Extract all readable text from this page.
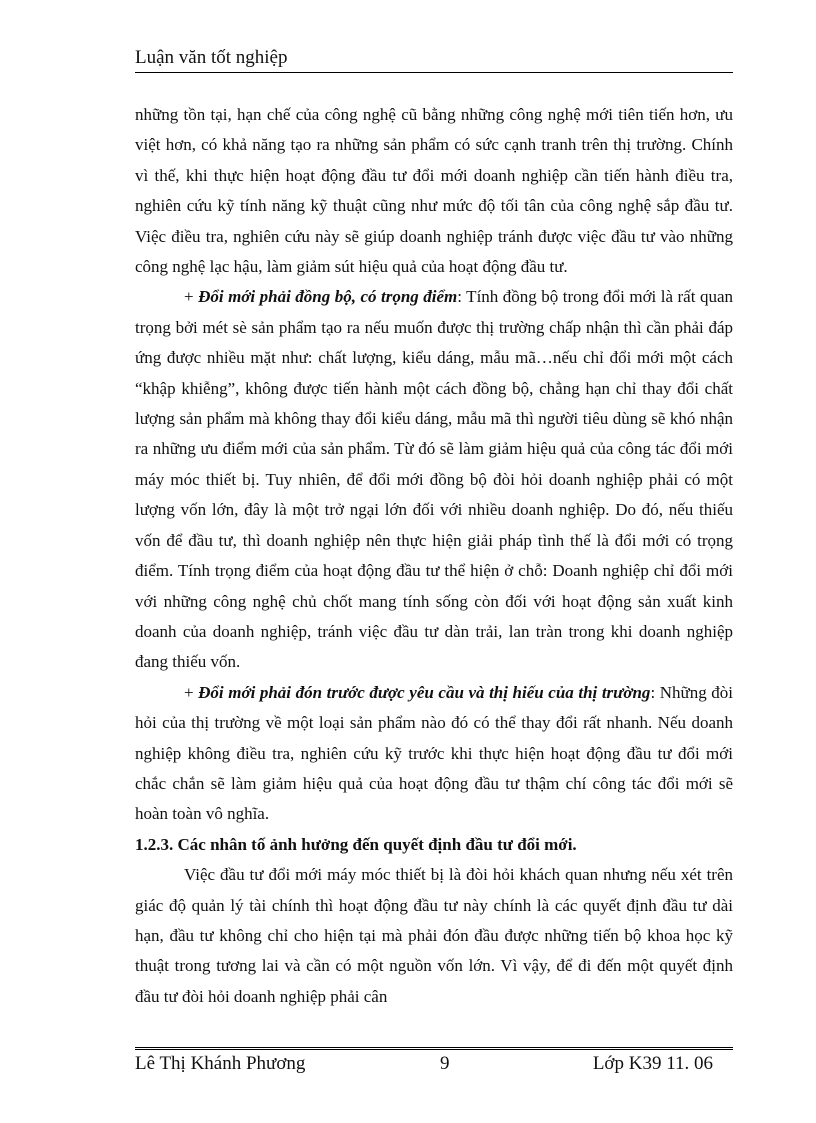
Luận văn tốt nghiệp

những tồn tại, hạn chế của công nghệ cũ bằng những công nghệ mới tiên tiến hơn, ưu việt hơn, có khả năng tạo ra những sản phẩm có sức cạnh tranh trên thị trường. Chính vì thế, khi thực hiện hoạt động đầu tư đổi mới doanh nghiệp cần tiến hành điều tra, nghiên cứu kỹ tính năng kỹ thuật cũng như mức độ tối tân của công nghệ sắp đầu tư. Việc điều tra, nghiên cứu này sẽ giúp doanh nghiệp tránh được việc đầu tư vào những công nghệ lạc hậu, làm giảm sút hiệu quả của hoạt động đầu tư.

+ Đổi mới phải đồng bộ, có trọng điểm: Tính đồng bộ trong đổi mới là rất quan trọng bởi mét sè sản phẩm tạo ra nếu muốn được thị trường chấp nhận thì cần phải đáp ứng được nhiều mặt như: chất lượng, kiểu dáng, mẫu mã…nếu chỉ đổi mới một cách “khập khiễng”, không được tiến hành một cách đồng bộ, chẳng hạn chỉ thay đổi chất lượng sản phẩm mà không thay đổi kiểu dáng, mẫu mã thì người tiêu dùng sẽ khó nhận ra những ưu điểm mới của sản phẩm. Từ đó sẽ làm giảm hiệu quả của công tác đổi mới máy móc thiết bị. Tuy nhiên, để đổi mới đồng bộ đòi hỏi doanh nghiệp phải có một lượng vốn lớn, đây là một trở ngại lớn đối với nhiều doanh nghiệp. Do đó, nếu thiếu vốn để đầu tư, thì doanh nghiệp nên thực hiện giải pháp tình thế là đổi mới có trọng điểm. Tính trọng điểm của hoạt động đầu tư thể hiện ở chỗ: Doanh nghiệp chỉ đổi mới với những công nghệ chủ chốt mang tính sống còn đối với hoạt động sản xuất kinh doanh của doanh nghiệp, tránh việc đầu tư dàn trải, lan tràn trong khi doanh nghiệp đang thiếu vốn.

+ Đổi mới phải đón trước được yêu cầu và thị hiếu của thị trường: Những đòi hỏi của thị trường về một loại sản phẩm nào đó có thể thay đổi rất nhanh. Nếu doanh nghiệp không điều tra, nghiên cứu kỹ trước khi thực hiện hoạt động đầu tư đổi mới chắc chắn sẽ làm giảm hiệu quả của hoạt động đầu tư thậm chí công tác đổi mới sẽ hoàn toàn vô nghĩa.

1.2.3. Các nhân tố ảnh hưởng đến quyết định đầu tư đổi mới.

Việc đầu tư đổi mới máy móc thiết bị là đòi hỏi khách quan nhưng nếu xét trên giác độ quản lý tài chính thì hoạt động đầu tư này chính là các quyết định đầu tư dài hạn, đầu tư không chỉ cho hiện tại mà phải đón đầu được những tiến bộ khoa học kỹ thuật trong tương lai và cần có một nguồn vốn lớn. Vì vậy, để đi đến một quyết định đầu tư đòi hỏi doanh nghiệp phải cân

Lê Thị Khánh Phương	9	Lớp K39 11. 06
